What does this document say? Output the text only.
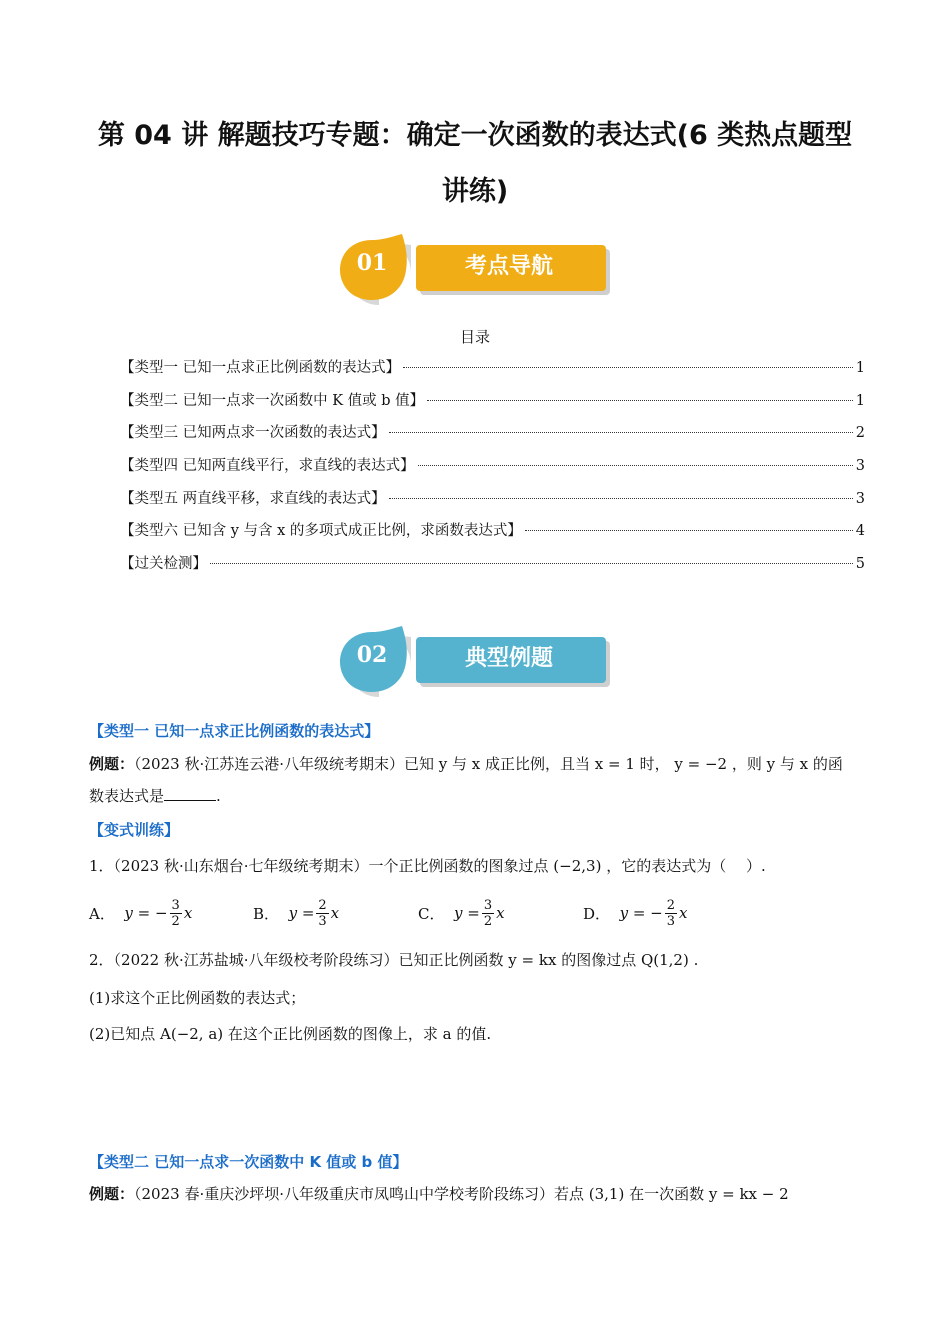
第 04 讲 解题技巧专题：确定一次函数的表达式(6 类热点题型
讲练)
01	考点导航
目录
【类型一 已知一点求正比例函数的表达式】	1
【类型二 已知一点求一次函数中 K 值或 b 值】	1
【类型三 已知两点求一次函数的表达式】	2
【类型四 已知两直线平行，求直线的表达式】	3
【类型五 两直线平移，求直线的表达式】	3
【类型六 已知含 y 与含 x 的多项式成正比例，求函数表达式】	4
【过关检测】	5
02	典型例题
【类型一 已知一点求正比例函数的表达式】
例题：（2023 秋·江苏连云港·八年级统考期末）已知 y 与 x 成正比例，且当 x = 1 时， y = −2 ，则 y 与 x 的函
数表达式是	.
【变式训练】
1．（2023 秋·山东烟台·七年级统考期末）一个正比例函数的图象过点 (−2,3) ，它的表达式为（　 ）.
A．
y = − $\frac{3}{2}$ x	B．
$y = \frac{2}{3}$ x	C．
$y = \frac{3}{2}$ x	D．
y = − $\frac{2}{3}$ x
2．（2022 秋·江苏盐城·八年级校考阶段练习）已知正比例函数 y = kx 的图像过点 Q(1,2) .
(1)求这个正比例函数的表达式；
(2)已知点 A(−2, a) 在这个正比例函数的图像上，求 a 的值.
【类型二 已知一点求一次函数中 K 值或 b 值】
例题：（2023 春·重庆沙坪坝·八年级重庆市凤鸣山中学校考阶段练习）若点 (3,1) 在一次函数 y = kx − 2
